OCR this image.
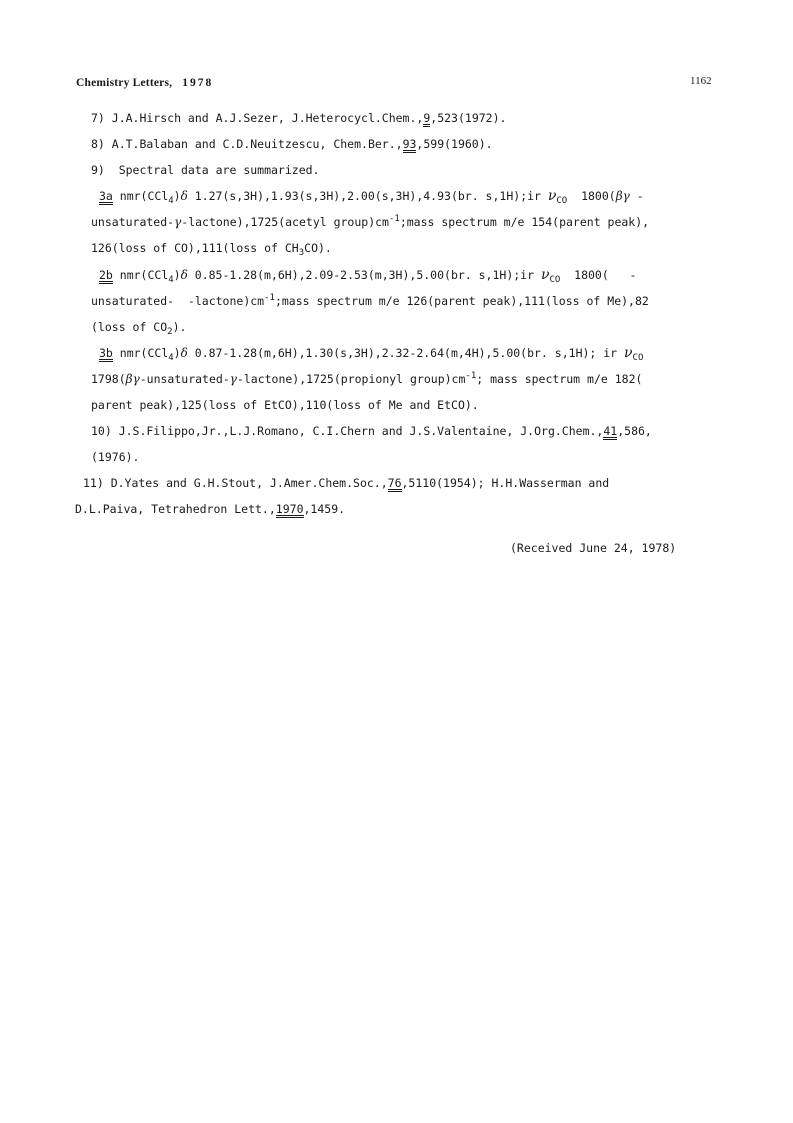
Chemistry Letters, 1978	1162
7) J.A.Hirsch and A.J.Sezer, J.Heterocycl.Chem.,9,523(1972).
8) A.T.Balaban and C.D.Neuitzescu, Chem.Ber.,93,599(1960).
9)  Spectral data are summarized.
3a nmr(CCl$_4$)δ 1.27(s,3H),1.93(s,3H),2.00(s,3H),4.93(br. s,1H);ir $\nu_{CO}$  1800(βγ -
unsaturated-γ-lactone),1725(acetyl $group)cm^{-1};mass$ spectrum m/e 154(parent peak),
126(loss of CO),111(loss of $CH_3CO$).
2b nmr(CCl$_4$)δ 0.85-1.28(m,6H),2.09-2.53(m,3H),5.00(br. s,1H);ir $\nu_{CO}$  1800(   -
unsaturated-  $-lactone)cm^{-1};mass$ spectrum m/e 126(parent peak),111(loss of Me),82
(loss of $CO_2$).
3b nmr(CCl$_4$)δ 0.87-1.28(m,6H),1.30(s,3H),2.32-2.64(m,4H),5.00(br. s,1H); ir $\nu_{CO}$
1798(βγ-unsaturated-γ-lactone),1725(propionyl $group)cm^{-1}$; mass spectrum m/e 182(
parent peak),125(loss of EtCO),110(loss of Me and EtCO).
10) J.S.Filippo,Jr.,L.J.Romano, C.I.Chern and J.S.Valentaine, J.Org.Chem.,41,586,
(1976).
11) D.Yates and G.H.Stout, J.Amer.Chem.Soc.,76,5110(1954); H.H.Wasserman and
D.L.Paiva, Tetrahedron Lett.,1970,1459.
(Received June 24, 1978)
